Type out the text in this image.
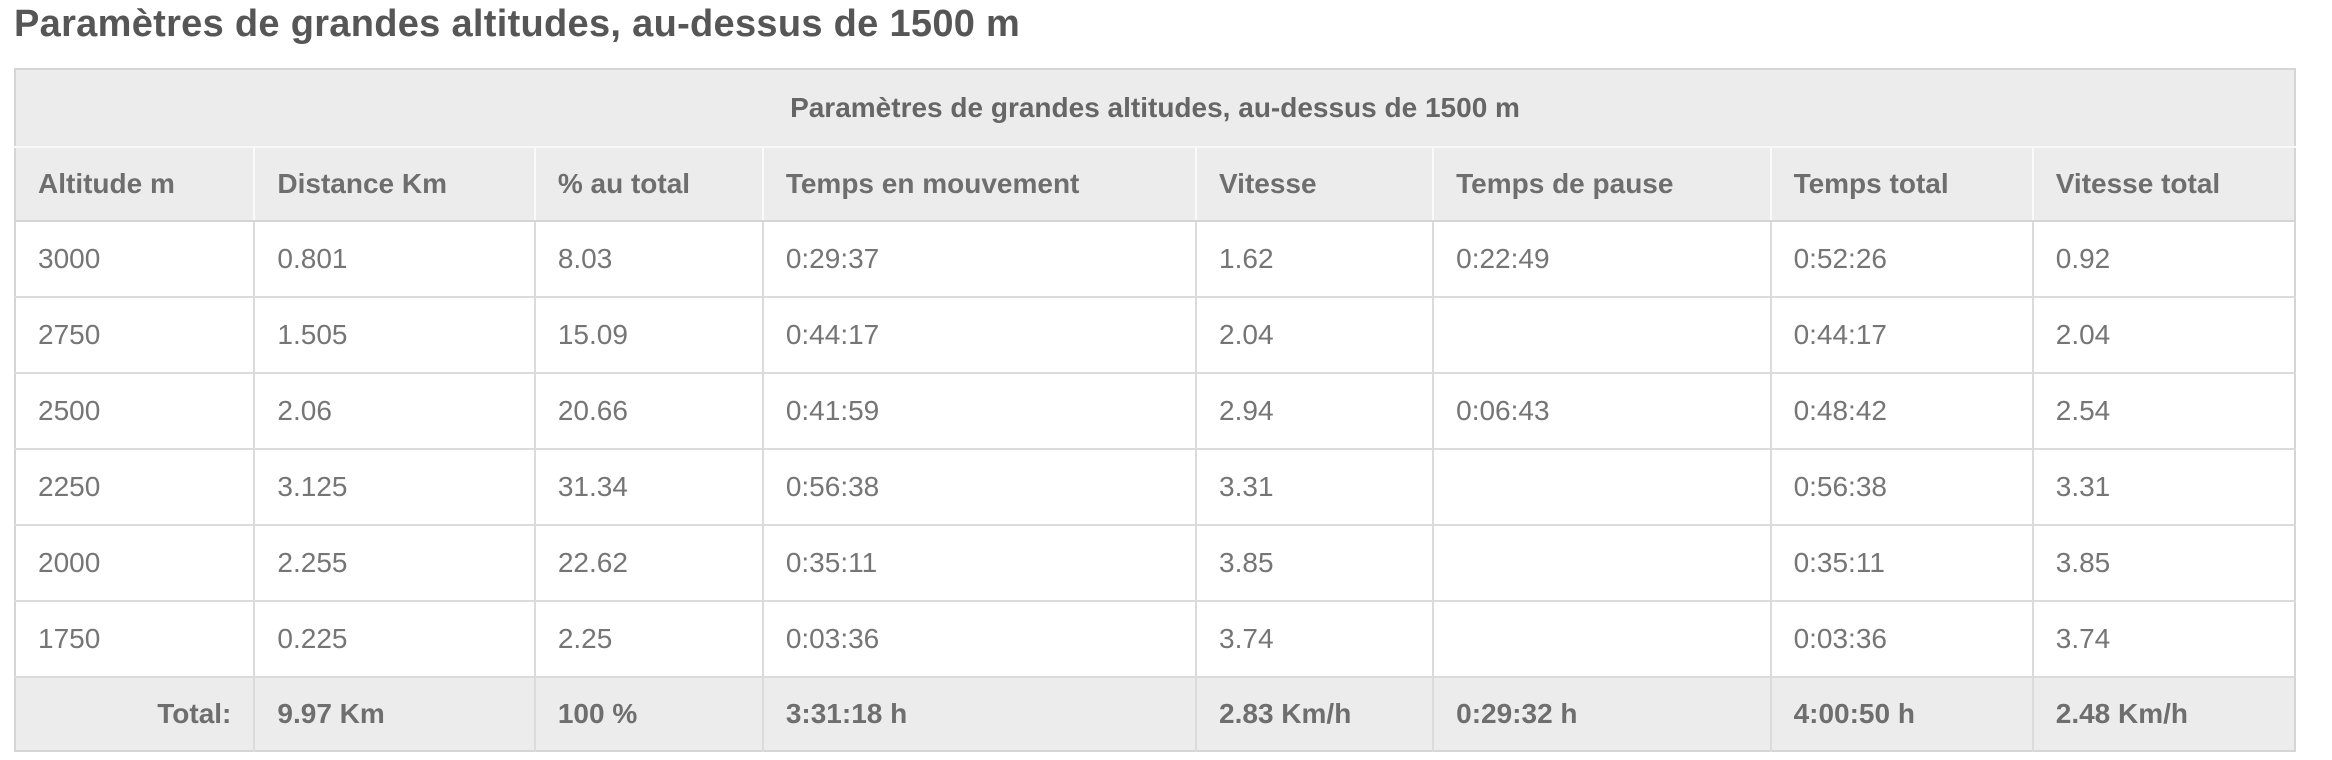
Paramètres de grandes altitudes, au-dessus de 1500 m
Paramètres de grandes altitudes, au-dessus de 1500 m							
Altitude m	Distance Km	% au total	Temps en mouvement	Vitesse	Temps de pause	Temps total	Vitesse total
3000	0.801	8.03	0:29:37	1.62	0:22:49	0:52:26	0.92
2750	1.505	15.09	0:44:17	2.04		0:44:17	2.04
2500	2.06	20.66	0:41:59	2.94	0:06:43	0:48:42	2.54
2250	3.125	31.34	0:56:38	3.31		0:56:38	3.31
2000	2.255	22.62	0:35:11	3.85		0:35:11	3.85
1750	0.225	2.25	0:03:36	3.74		0:03:36	3.74
Total:	9.97 Km	100 %	3:31:18 h	2.83 Km/h	0:29:32 h	4:00:50 h	2.48 Km/h
